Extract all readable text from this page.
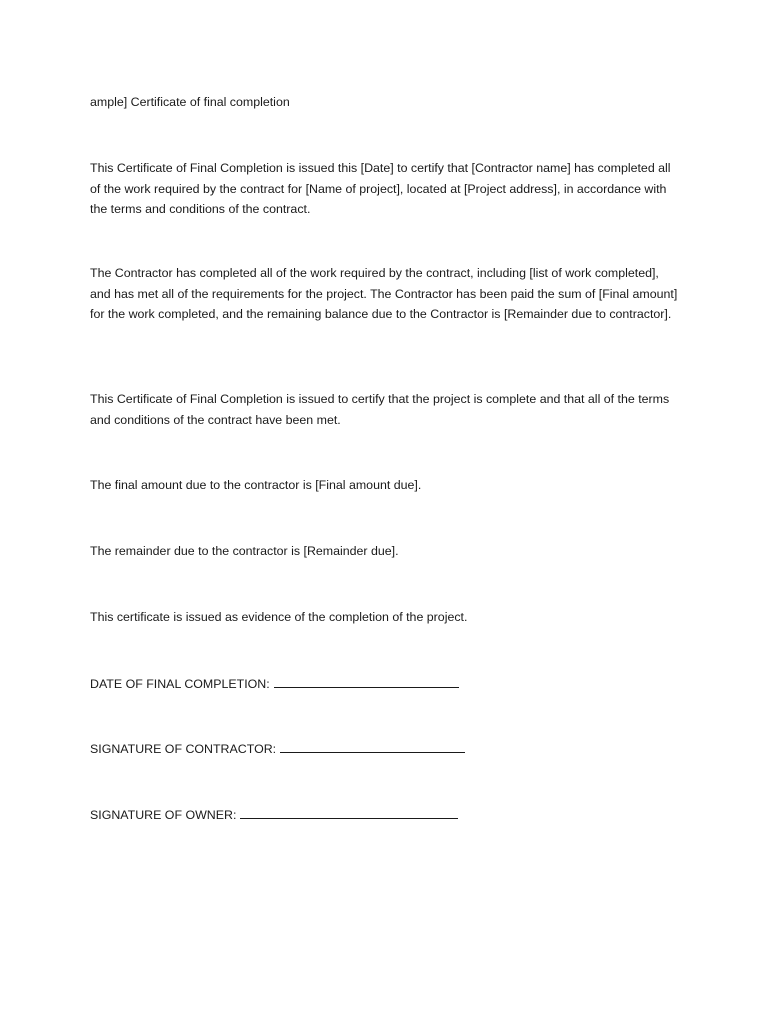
ample] Certificate of final completion

This Certificate of Final Completion is issued this [Date] to certify that [Contractor name] has completed all of the work required by the contract for [Name of project], located at [Project address], in accordance with the terms and conditions of the contract.

The Contractor has completed all of the work required by the contract, including [list of work completed], and has met all of the requirements for the project. The Contractor has been paid the sum of [Final amount] for the work completed, and the remaining balance due to the Contractor is [Remainder due to contractor].

This Certificate of Final Completion is issued to certify that the project is complete and that all of the terms and conditions of the contract have been met.

The final amount due to the contractor is [Final amount due].

The remainder due to the contractor is [Remainder due].

This certificate is issued as evidence of the completion of the project.

DATE OF FINAL COMPLETION:
SIGNATURE OF CONTRACTOR:
SIGNATURE OF OWNER:
